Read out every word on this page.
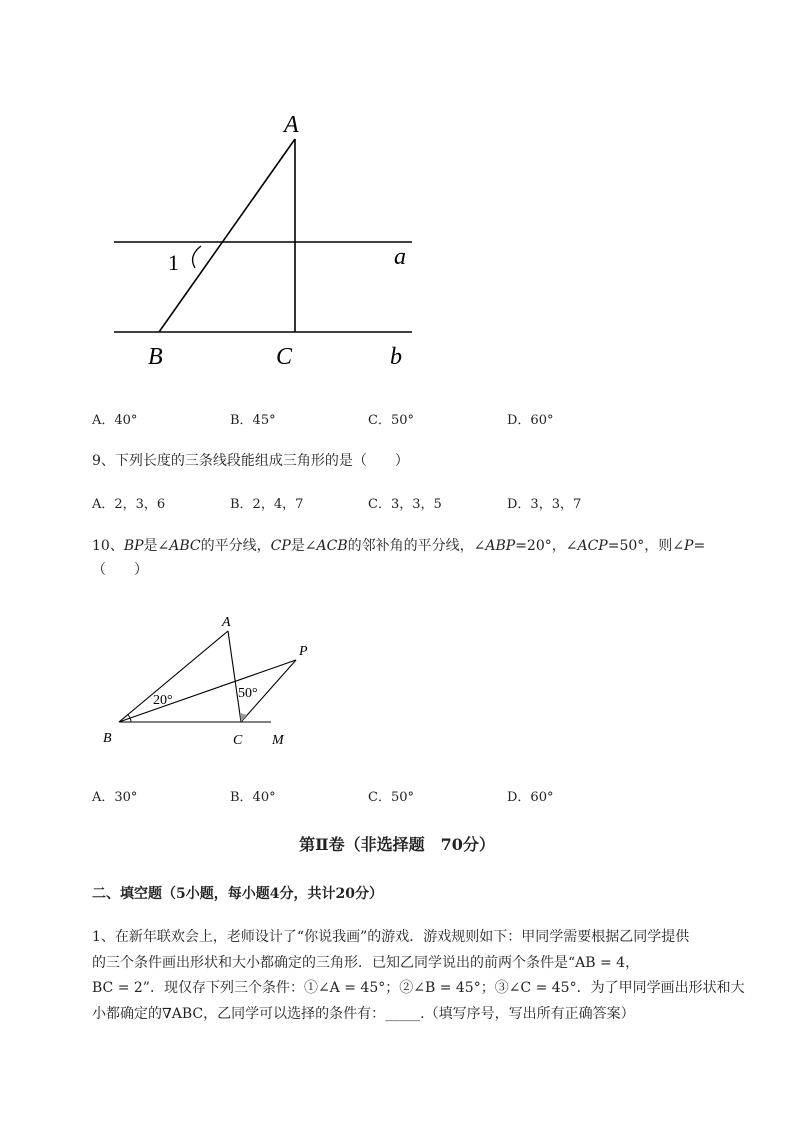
A
1	a
B	C	b
A．40°	B．45°	C．50°	D．60°
9、下列长度的三条线段能组成三角形的是（　　）
A．2，3，6	B．2，4，7	C．3，3，5	D．3，3，7
10、BP是∠ABC的平分线，CP是∠ACB的邻补角的平分线，∠ABP=20°，∠ACP=50°，则∠P=
（　　）
A
P
B	C M
20°	50°
A．30°	B．40°	C．50°	D．60°
第Ⅱ卷（非选择题　70分）
二、填空题（5小题，每小题4分，共计20分）
1、在新年联欢会上，老师设计了“你说我画”的游戏．游戏规则如下：甲同学需要根据乙同学提供
的三个条件画出形状和大小都确定的三角形．已知乙同学说出的前两个条件是“AB = 4，
BC = 2”．现仅存下列三个条件：①∠A = 45°；②∠B = 45°；③∠C = 45°．为了甲同学画出形状和大
小都确定的∇ABC，乙同学可以选择的条件有：_____.（填写序号，写出所有正确答案）
